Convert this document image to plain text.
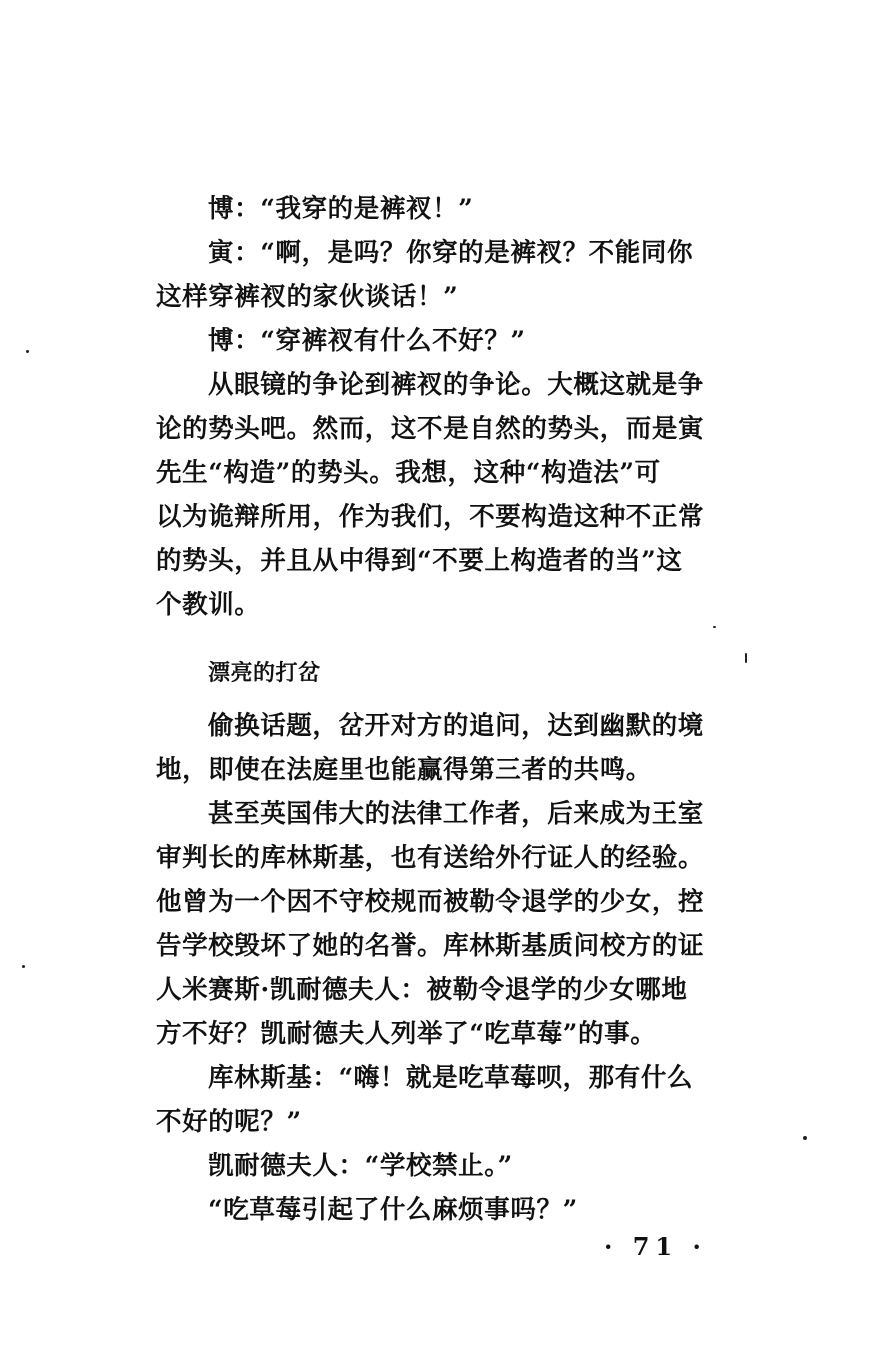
博：“我穿的是裤衩！”
寅：“啊，是吗？你穿的是裤衩？不能同你
这样穿裤衩的家伙谈话！”
博：“穿裤衩有什么不好？”
从眼镜的争论到裤衩的争论。大概这就是争
论的势头吧。然而，这不是自然的势头，而是寅
先生“构造”的势头。我想，这种“构造法”可
以为诡辩所用，作为我们，不要构造这种不正常
的势头，并且从中得到“不要上构造者的当”这
个教训。
漂亮的打岔
偷换话题，岔开对方的追问，达到幽默的境
地，即使在法庭里也能赢得第三者的共鸣。
甚至英国伟大的法律工作者，后来成为王室
审判长的库林斯基，也有送给外行证人的经验。
他曾为一个因不守校规而被勒令退学的少女，控
告学校毁坏了她的名誉。库林斯基质问校方的证
人米赛斯·凯耐德夫人：被勒令退学的少女哪地
方不好？凯耐德夫人列举了“吃草莓”的事。
库林斯基：“嗨！就是吃草莓呗，那有什么
不好的呢？”
凯耐德夫人：“学校禁止。”
“吃草莓引起了什么麻烦事吗？”
· 71 ·
